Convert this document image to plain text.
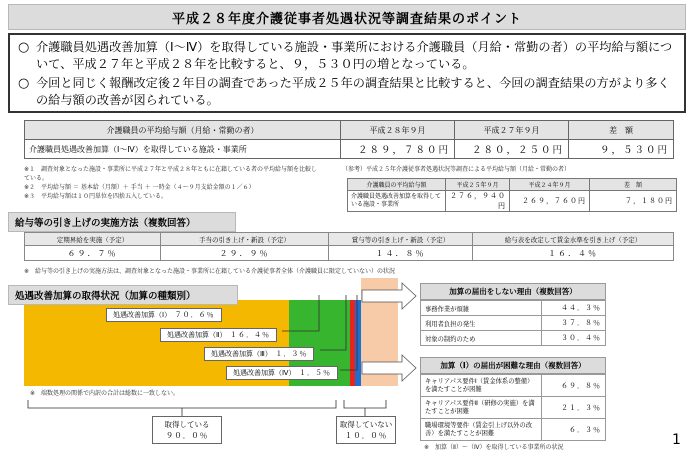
平成２８年度介護従事者処遇状況等調査結果のポイント

○ 介護職員処遇改善加算（Ⅰ～Ⅳ）を取得している施設・事業所における介護職員（月給・常勤の者）の平均給与額について、平成２７年と平成２８年を比較すると、９，５３０円の増となっている。

○ 今回と同じく報酬改定後２年目の調査であった平成２５年の調査結果と比較すると、今回の調査結果の方がより多くの給与額の改善が図られている。

介護職員の平均給与額（月給・常勤の者）	平成２８年９月	平成２７年９月	差　額
介護職員処遇改善加算（Ⅰ～Ⅳ）を取得している施設・事業所	２８９，７８０円	２８０，２５０円	９，５３０円
※１　調査対象となった施設・事業所に平成２７年と平成２８年ともに在籍している者の平均給与額を比較している。
※２　平均給与額 ＝ 基本給（月額）＋ 手当 ＋ 一時金（４～９月支給金額の１／６）
※３　平均給与額は１０円単位を四捨五入している。
（参考）平成２５年介護従事者処遇状況等調査による平均給与額（月給・常勤の者）
介護職員の平均給与額	平成２５年９月	平成２４年９月	差　額
介護職員処遇改善加算を取得している施設・事業所	２７６，９４０円	２６９，７６０円	７，１８０円
給与等の引き上げの実施方法（複数回答）
定期昇給を実施（予定）	手当の引き上げ・新設（予定）	賞与等の引き上げ・新設（予定）	給与表を改定して賃金水準を引き上げ（予定）
６９．７％	２９．９％	１４．８％	１６．４％
※　給与等の引き上げの実施方法は、調査対象となった施設・事業所に在籍している介護従事者全体（介護職員に限定していない）の状況
処遇改善加算の取得状況（加算の種類別）
処遇改善加算（Ⅰ）　 ７０．６％
処遇改善加算（Ⅱ）　 １６．４％
処遇改善加算（Ⅲ）　 １．３％
処遇改善加算（Ⅳ）　 １．５％
※　端数処理の関係で内訳の合計は総数に一致しない。
取得している
９０．０％
取得していない
１０．０％
加算の届出をしない理由（複数回答）
事務作業が煩雑	４４．３％
利用者負担の発生	３７．８％
対象の制約のため	３０．４％
加算（Ⅰ）の届出が困難な理由（複数回答）
キャリアパス要件Ⅰ（賃金体系の整備）を満たすことが困難	６９．８％
キャリアパス要件Ⅱ（研修の実施）を満たすことが困難	２１．３％
職場環境等要件（賃金引上げ以外の改善）を満たすことが困難	６．３％
※　加算（Ⅱ）～（Ⅳ）を取得している事業所の状況	1
